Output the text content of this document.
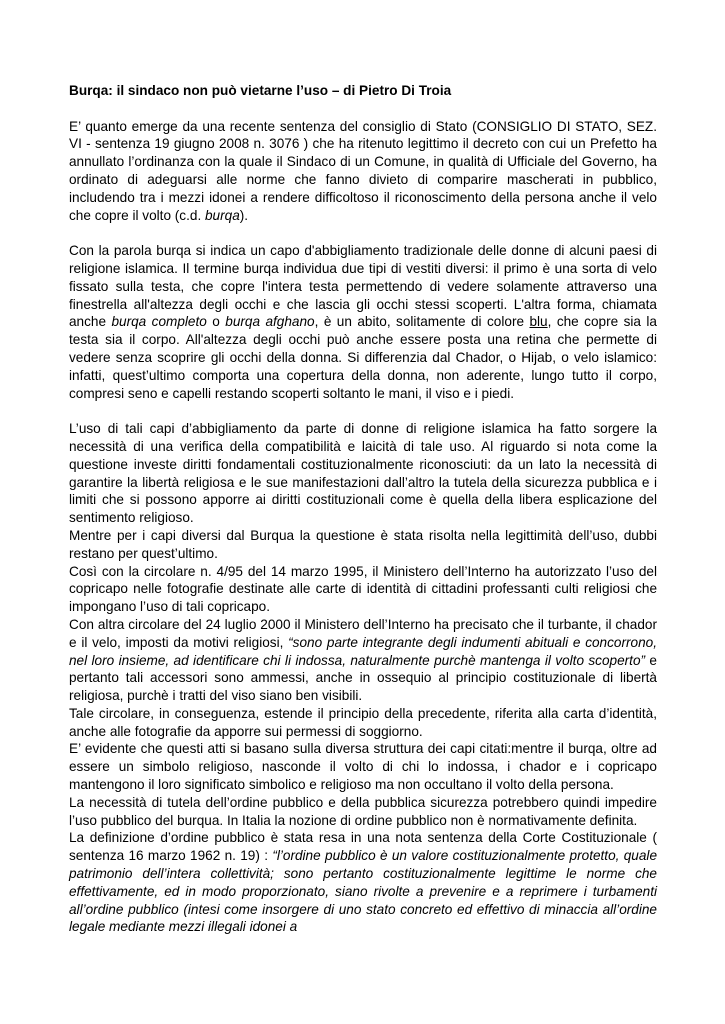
Burqa: il sindaco non può vietarne l’uso – di Pietro Di Troia

E’ quanto emerge da una recente sentenza del consiglio di Stato (CONSIGLIO DI STATO, SEZ. VI - sentenza 19 giugno 2008 n. 3076 ) che ha ritenuto legittimo il decreto con cui un Prefetto ha annullato l’ordinanza con la quale il Sindaco di un Comune, in qualità di Ufficiale del Governo, ha ordinato di adeguarsi alle norme che fanno divieto di comparire mascherati in pubblico, includendo tra i mezzi idonei a rendere difficoltoso il riconoscimento della persona anche il velo che copre il volto (c.d. burqa).

Con la parola burqa si indica un capo d'abbigliamento tradizionale delle donne di alcuni paesi di religione islamica. Il termine burqa individua due tipi di vestiti diversi: il primo è una sorta di velo fissato sulla testa, che copre l'intera testa permettendo di vedere solamente attraverso una finestrella all'altezza degli occhi e che lascia gli occhi stessi scoperti. L'altra forma, chiamata anche burqa completo o burqa afghano, è un abito, solitamente di colore blu, che copre sia la testa sia il corpo. All'altezza degli occhi può anche essere posta una retina che permette di vedere senza scoprire gli occhi della donna. Si differenzia dal Chador, o Hijab, o velo islamico: infatti, quest’ultimo comporta una copertura della donna, non aderente, lungo tutto il corpo, compresi seno e capelli restando scoperti soltanto le mani, il viso e i piedi.

L’uso di tali capi d’abbigliamento da parte di donne di religione islamica ha fatto sorgere la necessità di una verifica della compatibilità e laicità di tale uso. Al riguardo si nota come la questione investe diritti fondamentali costituzionalmente riconosciuti: da un lato la necessità di garantire la libertà religiosa e le sue manifestazioni dall’altro la tutela della sicurezza pubblica e i limiti che si possono apporre ai diritti costituzionali come è quella della libera esplicazione del sentimento religioso.

Mentre per i capi diversi dal Burqua la questione è stata risolta nella legittimità dell’uso, dubbi restano per quest’ultimo.

Così con la circolare n. 4/95 del 14 marzo 1995, il Ministero dell’Interno ha autorizzato l’uso del copricapo nelle fotografie destinate alle carte di identità di cittadini professanti culti religiosi che impongano l’uso di tali copricapo.

Con altra circolare del 24 luglio 2000 il Ministero dell’Interno ha precisato che il turbante, il chador e il velo, imposti da motivi religiosi, “sono parte integrante degli indumenti abituali e concorrono, nel loro insieme, ad identificare chi li indossa, naturalmente purchè mantenga il volto scoperto” e pertanto tali accessori sono ammessi, anche in ossequio al principio costituzionale di libertà religiosa, purchè i tratti del viso siano ben visibili.

Tale circolare, in conseguenza, estende il principio della precedente, riferita alla carta d’identità, anche alle fotografie da apporre sui permessi di soggiorno.

E’ evidente che questi atti si basano sulla diversa struttura dei capi citati:mentre il burqa, oltre ad essere un simbolo religioso, nasconde il volto di chi lo indossa, i chador e i copricapo mantengono il loro significato simbolico e religioso ma non occultano il volto della persona.

La necessità di tutela dell’ordine pubblico e della pubblica sicurezza potrebbero quindi impedire l’uso pubblico del burqua. In Italia la nozione di ordine pubblico non è normativamente definita.

La definizione d’ordine pubblico è stata resa in una nota sentenza della Corte Costituzionale ( sentenza 16 marzo 1962 n. 19) : “l’ordine pubblico è un valore costituzionalmente protetto, quale patrimonio dell’intera collettività; sono pertanto costituzionalmente legittime le norme che effettivamente, ed in modo proporzionato, siano rivolte a prevenire e a reprimere i turbamenti all’ordine pubblico (intesi come insorgere di uno stato concreto ed effettivo di minaccia all’ordine legale mediante mezzi illegali idonei a
